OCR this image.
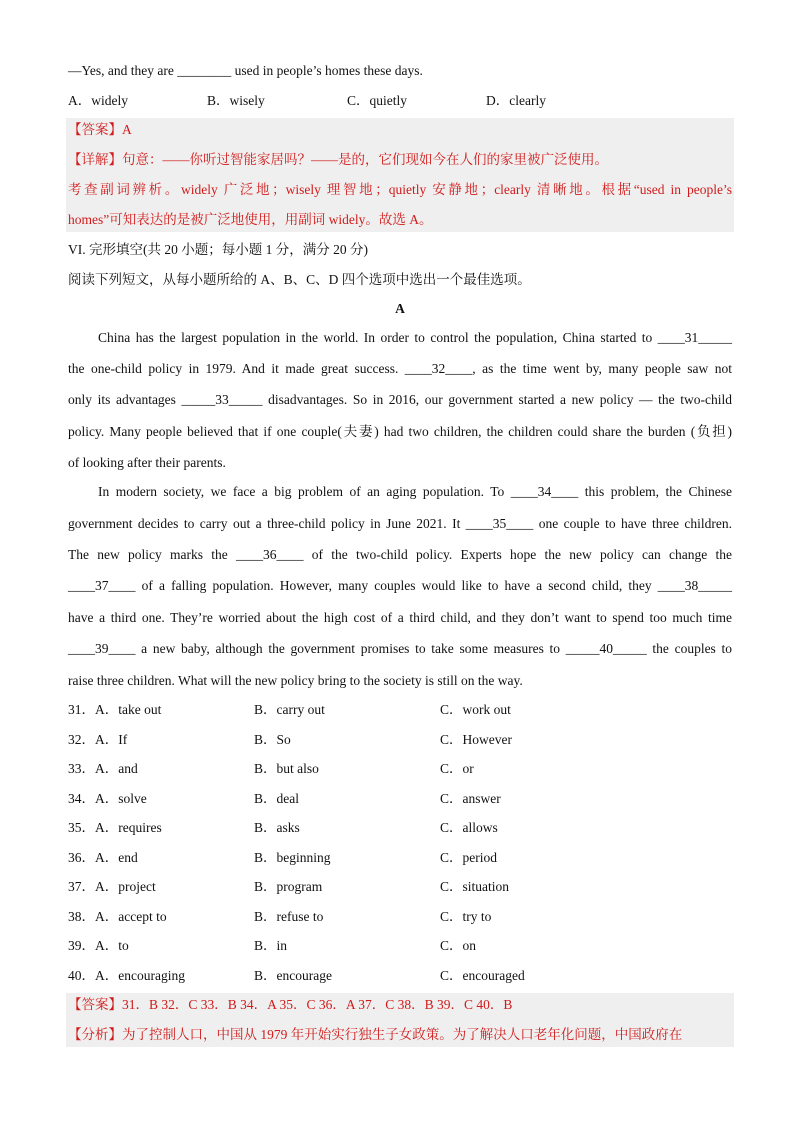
—Yes, and they are ________ used in people’s homes these days.
A．widely	B．wisely	C．quietly	D．clearly
【答案】A
【详解】句意：——你听过智能家居吗？——是的，它们现如今在人们的家里被广泛使用。
考查副词辨析。widely 广泛地；wisely 理智地；quietly 安静地；clearly 清晰地。根据“used in people’s
homes”可知表达的是被广泛地使用，用副词 widely。故选 A。
VI. 完形填空(共 20 小题；每小题 1 分，满分 20 分)
阅读下列短文，从每小题所给的 A、B、C、D 四个选项中选出一个最佳选项。
A
China has the largest population in the world. In order to control the population, China started to ____31_____
the one-child policy in 1979. And it made great success. ____32____, as the time went by, many people saw not
only its advantages _____33_____ disadvantages. So in 2016, our government started a new policy — the two-child
policy. Many people believed that if one couple(夫妻) had two children, the children could share the burden (负担)
of looking after their parents.
In modern society, we face a big problem of an aging population. To ____34____ this problem, the Chinese
government decides to carry out a three-child policy in June 2021. It ____35____ one couple to have three children.
The new policy marks the ____36____ of the two-child policy. Experts hope the new policy can change the
____37____ of a falling population. However, many couples would like to have a second child, they ____38_____
have a third one. They’re worried about the high cost of a third child, and they don’t want to spend too much time
____39____ a new baby, although the government promises to take some measures to _____40_____ the couples to
raise three children. What will the new policy bring to the society is still on the way.
31．A．take out	B．carry out	C．work out
32．A．If	B．So	C．However
33．A．and	B．but also	C．or
34．A．solve	B．deal	C．answer
35．A．requires	B．asks	C．allows
36．A．end	B．beginning	C．period
37．A．project	B．program	C．situation
38．A．accept to	B．refuse to	C．try to
39．A．to	B．in	C．on
40．A．encouraging	B．encourage	C．encouraged
【答案】31．B 32．C 33．B 34．A 35．C 36．A 37．C 38．B 39．C 40．B
【分析】为了控制人口，中国从 1979 年开始实行独生子女政策。为了解决人口老年化问题，中国政府在
